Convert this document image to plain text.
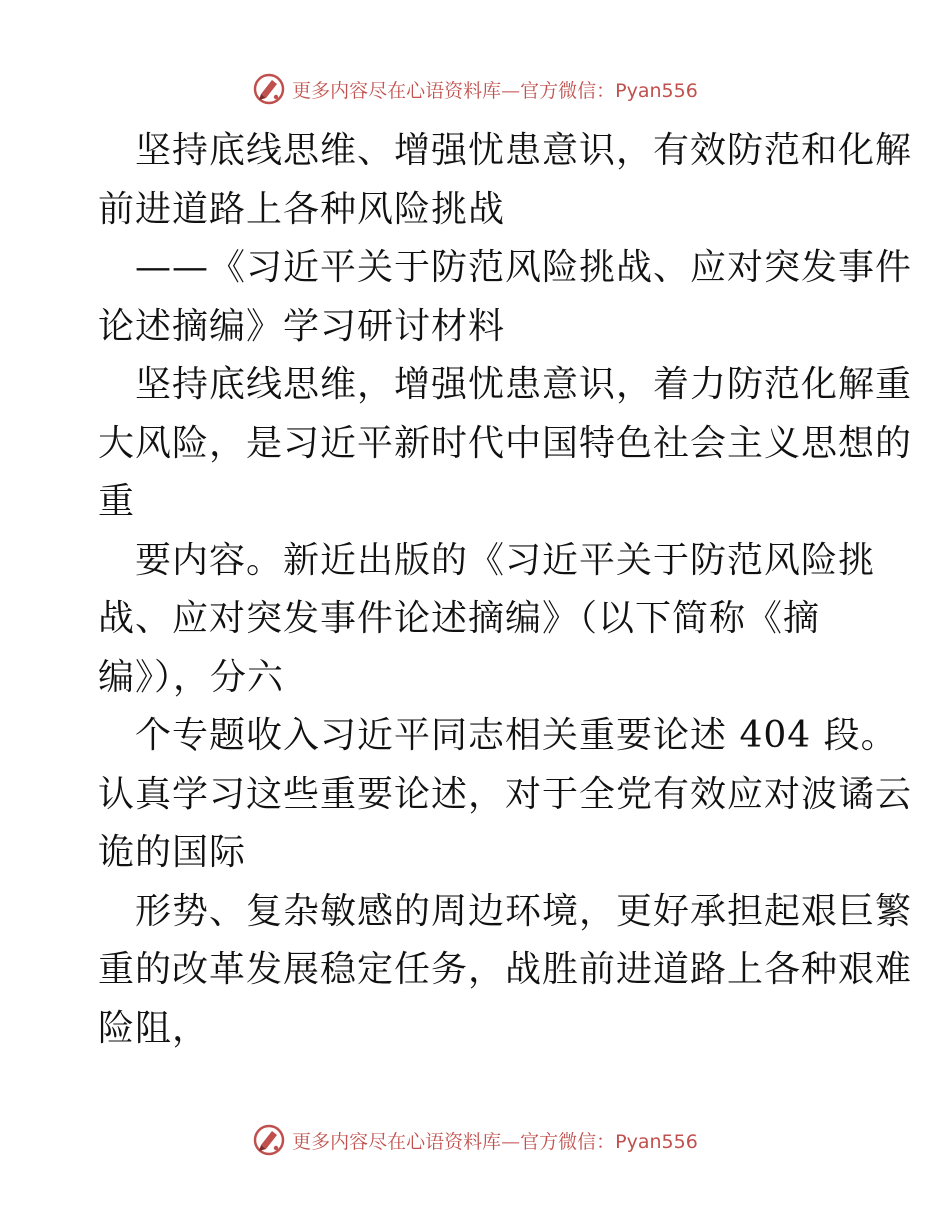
更多内容尽在心语资料库—官方微信：Pyan556
坚持底线思维、增强忧患意识，有效防范和化解
前进道路上各种风险挑战
——《习近平关于防范风险挑战、应对突发事件
论述摘编》学习研讨材料
坚持底线思维，增强忧患意识，着力防范化解重
大风险，是习近平新时代中国特色社会主义思想的
重
要内容。新近出版的《习近平关于防范风险挑
战、应对突发事件论述摘编》（以下简称《摘
编》），分六
个专题收入习近平同志相关重要论述 404 段。
认真学习这些重要论述，对于全党有效应对波谲云
诡的国际
形势、复杂敏感的周边环境，更好承担起艰巨繁
重的改革发展稳定任务，战胜前进道路上各种艰难
险阻，
更多内容尽在心语资料库—官方微信：Pyan556
